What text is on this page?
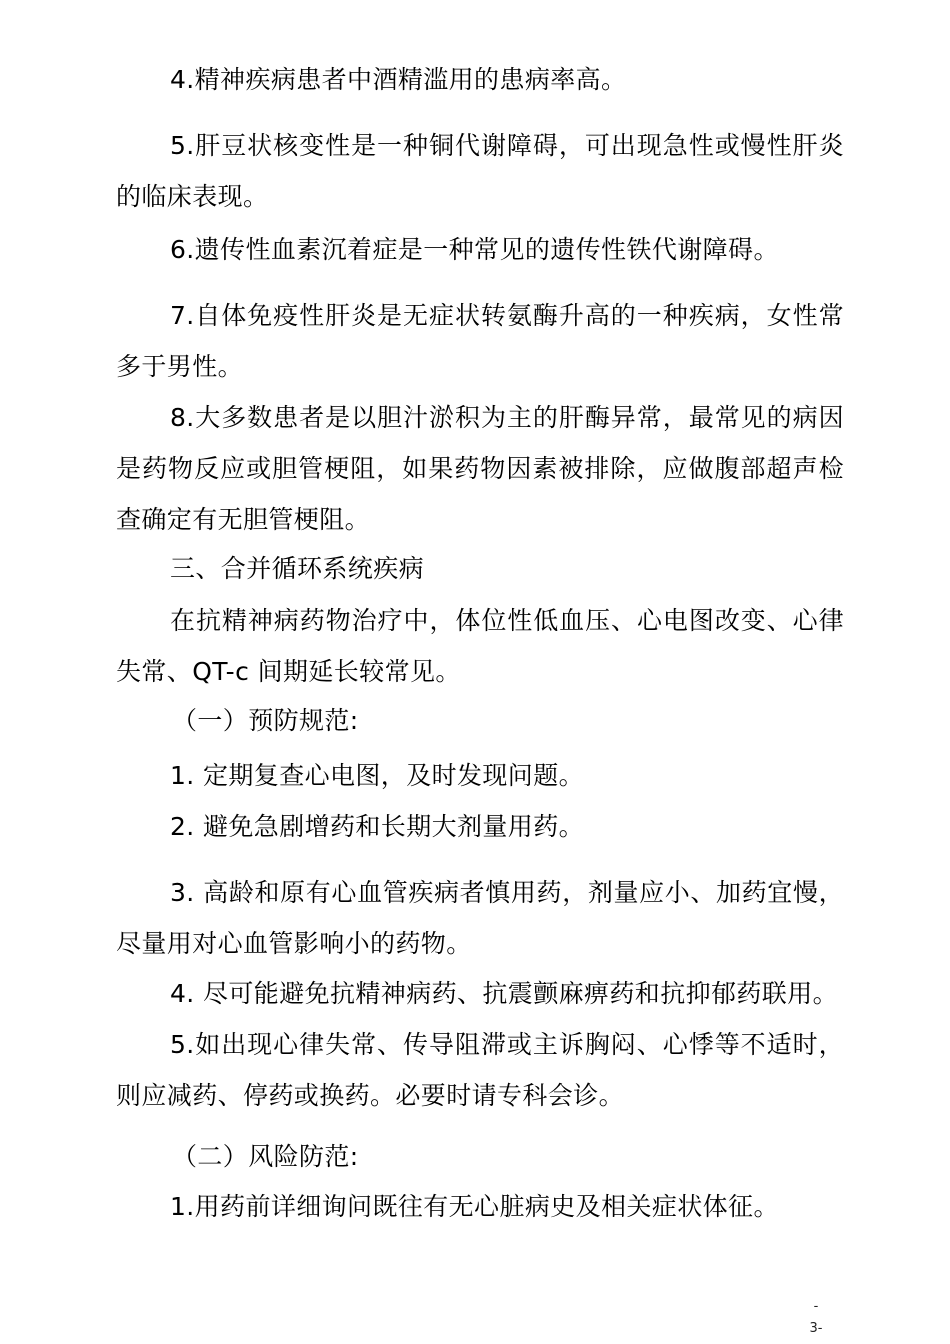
4.精神疾病患者中酒精滥用的患病率高。

5.肝豆状核变性是一种铜代谢障碍，可出现急性或慢性肝炎的临床表现。

6.遗传性血素沉着症是一种常见的遗传性铁代谢障碍。

7.自体免疫性肝炎是无症状转氨酶升高的一种疾病，女性常多于男性。

8.大多数患者是以胆汁淤积为主的肝酶异常，最常见的病因是药物反应或胆管梗阻，如果药物因素被排除，应做腹部超声检查确定有无胆管梗阻。

三、合并循环系统疾病

在抗精神病药物治疗中，体位性低血压、心电图改变、心律失常、QT-c 间期延长较常见。

（一）预防规范:

1. 定期复查心电图，及时发现问题。

2. 避免急剧增药和长期大剂量用药。

3. 高龄和原有心血管疾病者慎用药，剂量应小、加药宜慢，尽量用对心血管影响小的药物。

4. 尽可能避免抗精神病药、抗震颤麻痹药和抗抑郁药联用。

5.如出现心律失常、传导阻滞或主诉胸闷、心悸等不适时，则应减药、停药或换药。必要时请专科会诊。

（二）风险防范:

1.用药前详细询问既往有无心脏病史及相关症状体征。

-
3-
